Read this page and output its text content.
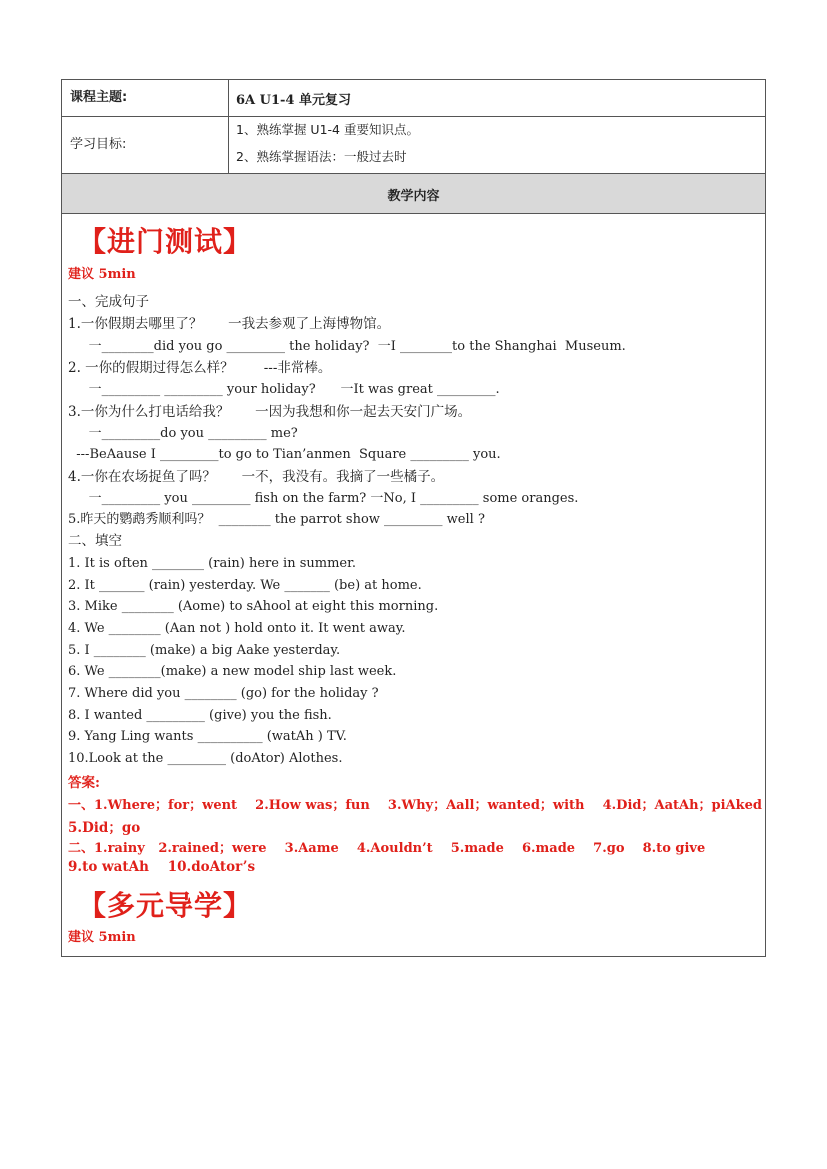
课程主题:	6A U1-4 单元复习
学习目标:
1、熟练掌握 U1-4 重要知识点。
2、熟练掌握语法：一般过去时
教学内容
【进门测试】
建议 5min
一、完成句子
1.一你假期去哪里了？      一我去参观了上海博物馆。
一________did you go _________ the holiday?  一I ________to the Shanghai  Museum.
2. 一你的假期过得怎么样？       ---非常棒。
一_________ _________ your holiday?      一It was great _________.
3.一你为什么打电话给我？      一因为我想和你一起去天安门广场。
一_________do you _________ me?
---BeAause I _________to go to Tian’anmen  Square _________ you.
4.一你在农场捉鱼了吗？      一不，我没有。我摘了一些橘子。
一_________ you _________ fish on the farm? 一No, I _________ some oranges.
5.昨天的鹦鹉秀顺利吗？  ________ the parrot show _________ well ?
二、填空
1. It is often ________ (rain) here in summer.
2. It _______ (rain) yesterday. We _______ (be) at home.
3. Mike ________ (Aome) to sAhool at eight this morning.
4. We ________ (Aan not ) hold onto it. It went away.
5. I ________ (make) a big Aake yesterday.
6. We ________(make) a new model ship last week.
7. Where did you ________ (go) for the holiday ?
8. I wanted _________ (give) you the fish.
9. Yang Ling wants __________ (watAh ) TV.
10.Look at the _________ (doAtor) Alothes.
答案:
一、1.Where；for；went    2.How was；fun    3.Why；Aall；wanted；with    4.Did；AatAh；piAked
5.Did；go
二、1.rainy   2.rained；were    3.Aame    4.Aouldn’t    5.made    6.made    7.go    8.to give
9.to watAh    10.doAtor’s
【多元导学】
建议 5min
